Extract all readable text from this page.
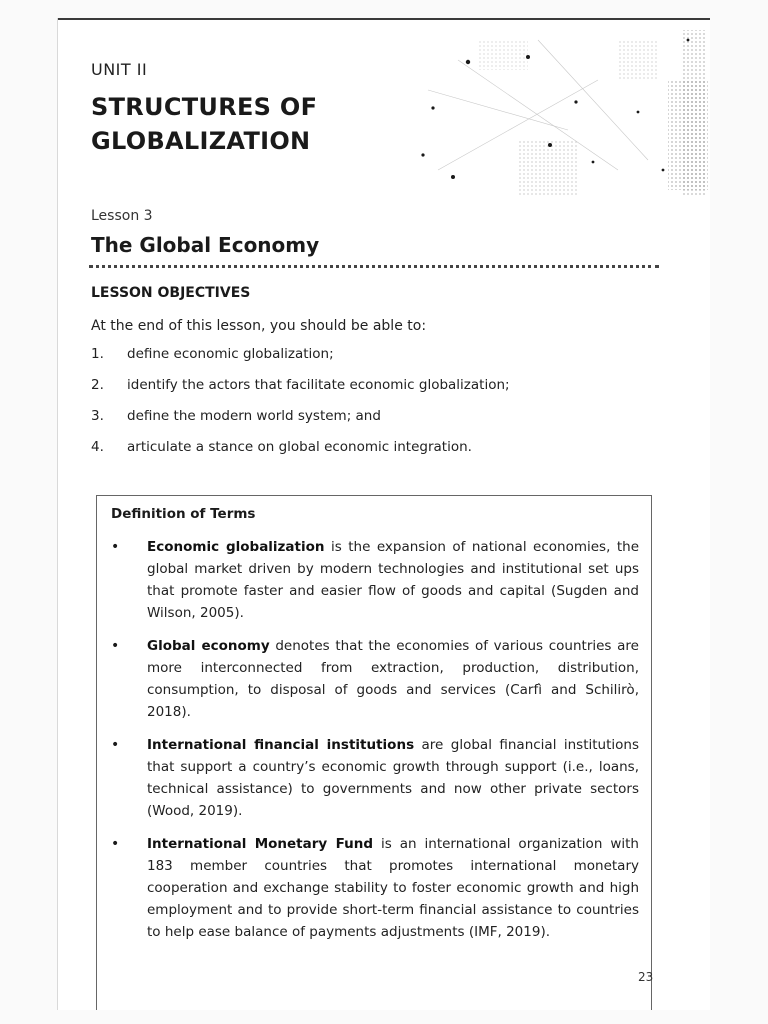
UNIT II
STRUCTURES OF
GLOBALIZATION
Lesson 3
The Global Economy
LESSON OBJECTIVES
At the end of this lesson, you should be able to:
1.	define economic globalization;
2.	identify the actors that facilitate economic globalization;
3.	define the modern world system; and
4.	articulate a stance on global economic integration.
Definition of Terms
•	Economic globalization is the expansion of national economies, the global market driven by modern technologies and institutional set ups that promote faster and easier flow of goods and capital (Sugden and Wilson, 2005).
•	Global economy denotes that the economies of various countries are more interconnected from extraction, production, distribution, consumption, to disposal of goods and services (Carfì and Schilirò, 2018).
•	International financial institutions are global financial institutions that support a country’s economic growth through support (i.e., loans, technical assistance) to governments and now other private sectors (Wood, 2019).
•	International Monetary Fund is an international organization with 183 member countries that promotes international monetary cooperation and exchange stability to foster economic growth and high employment and to provide short-term financial assistance to countries to help ease balance of payments adjustments (IMF, 2019).
23
